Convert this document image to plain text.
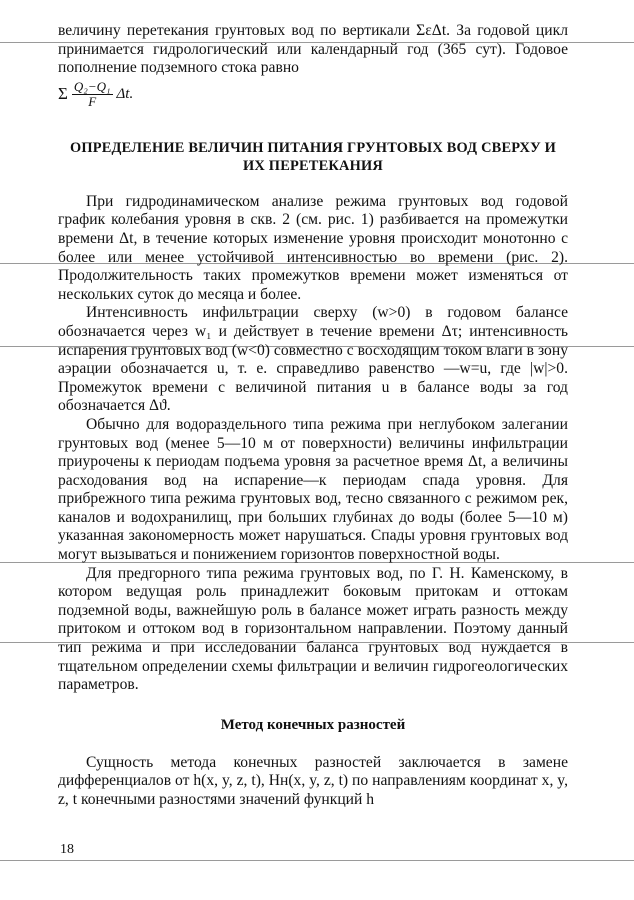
величину перетекания грунтовых вод по вертикали ΣεΔt. За годовой цикл принимается гидрологический или календарный год (365 сут). Годовое пополнение подземного стока равно

Σ $\frac{\text{Q₂−Q₁}}{F} \Delta t$.

ОПРЕДЕЛЕНИЕ ВЕЛИЧИН ПИТАНИЯ ГРУНТОВЫХ ВОД СВЕРХУ И ИХ ПЕРЕТЕКАНИЯ

При гидродинамическом анализе режима грунтовых вод годовой график колебания уровня в скв. 2 (см. рис. 1) разбивается на промежутки времени Δt, в течение которых изменение уровня происходит монотонно с более или менее устойчивой интенсивностью во времени (рис. 2). Продолжительность таких промежутков времени может изменяться от нескольких суток до месяца и более.

Интенсивность инфильтрации сверху (w>0) в годовом балансе обозначается через w₁ и действует в течение времени Δτ; интенсивность испарения грунтовых вод (w<0) совместно с восходящим током влаги в зону аэрации обозначается u, т. е. справедливо равенство —w=u, где |w|>0. Промежуток времени с величиной питания u в балансе воды за год обозначается Δϑ.

Обычно для водораздельного типа режима при неглубоком залегании грунтовых вод (менее 5—10 м от поверхности) величины инфильтрации приурочены к периодам подъема уровня за расчетное время Δt, а величины расходования вод на испарение—к периодам спада уровня. Для прибрежного типа режима грунтовых вод, тесно связанного с режимом рек, каналов и водохранилищ, при больших глубинах до воды (более 5—10 м) указанная закономерность может нарушаться. Спады уровня грунтовых вод могут вызываться и понижением горизонтов поверхностной воды.

Для предгорного типа режима грунтовых вод, по Г. Н. Каменскому, в котором ведущая роль принадлежит боковым притокам и оттокам подземной воды, важнейшую роль в балансе может играть разность между притоком и оттоком вод в горизонтальном направлении. Поэтому данный тип режима и при исследовании баланса грунтовых вод нуждается в тщательном определении схемы фильтрации и величин гидрогеологических параметров.

Метод конечных разностей

Сущность метода конечных разностей заключается в замене дифференциалов от h(x, y, z, t), Hн(x, y, z, t) по направлениям координат x, y, z, t конечными разностями значений функций h

18
